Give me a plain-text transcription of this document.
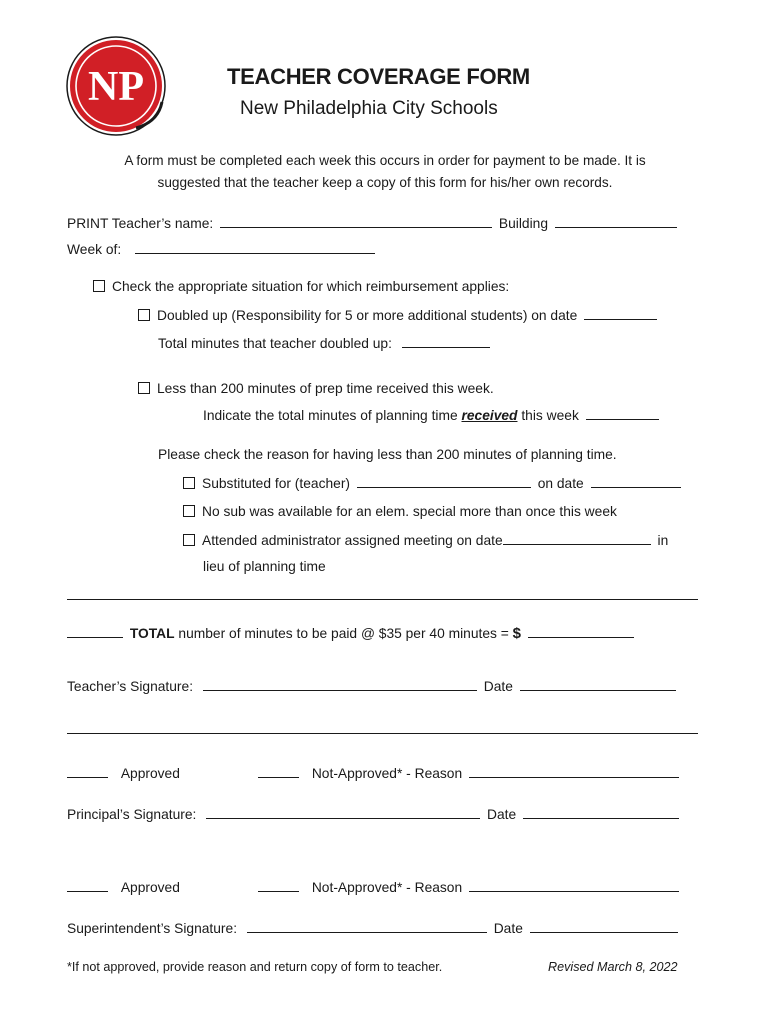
NP	TEACHER COVERAGE FORM
New Philadelphia City Schools
A form must be completed each week this occurs in order for payment to be made. It is
suggested that the teacher keep a copy of this form for his/her own records.
PRINT Teacher’s name:	Building
Week of:
Check the appropriate situation for which reimbursement applies:
Doubled up (Responsibility for 5 or more additional students) on date
Total minutes that teacher doubled up:
Less than 200 minutes of prep time received this week.
Indicate the total minutes of planning time received this week
Please check the reason for having less than 200 minutes of planning time.
Substituted for (teacher)	on date
No sub was available for an elem. special more than once this week
Attended administrator assigned meeting on date	in
lieu of planning time
TOTAL number of minutes to be paid @ $35 per 40 minutes = $
Teacher’s Signature:	Date
Approved	Not-Approved* - Reason
Principal’s Signature:	Date
Approved	Not-Approved* - Reason
Superintendent’s Signature:	Date
*If not approved, provide reason and return copy of form to teacher.	Revised March 8, 2022
